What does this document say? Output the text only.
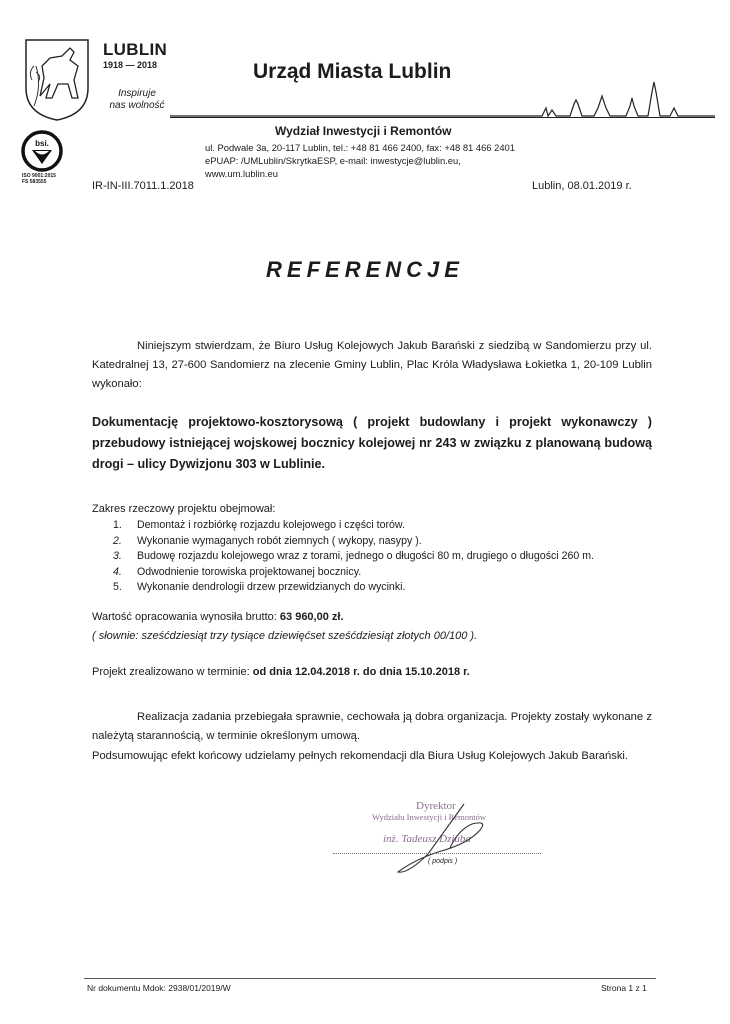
LUBLIN
1918 — 2018
Inspiruje
nas wolność
Urząd Miasta Lublin
Wydział Inwestycji i Remontów
ul. Podwale 3a, 20-117 Lublin, tel.: +48 81 466 2400, fax: +48 81 466 2401
ePUAP: /UMLublin/SkrytkaESP, e-mail: inwestycje@lublin.eu, www.um.lublin.eu
bsi.
ISO 9001:2015
FS 583555	IR-IN-III.7011.1.2018	Lublin, 08.01.2019 r.
REFERENCJE
Niniejszym stwierdzam, że Biuro Usług Kolejowych Jakub Barański z siedzibą w Sandomierzu przy ul. Katedralnej 13, 27-600 Sandomierz na zlecenie Gminy Lublin, Plac Króla Władysława Łokietka 1, 20-109 Lublin wykonało:
Dokumentację projektowo-kosztorysową ( projekt budowlany i projekt wykonawczy ) przebudowy istniejącej wojskowej bocznicy kolejowej nr 243 w związku z planowaną budową drogi – ulicy Dywizjonu 303 w Lublinie.
Zakres rzeczowy projektu obejmował:
1. Demontaż i rozbiórkę rozjazdu kolejowego i części torów.
2. Wykonanie wymaganych robót ziemnych ( wykopy, nasypy ).
3. Budowę rozjazdu kolejowego wraz z torami, jednego o długości 80 m, drugiego o długości 260 m.
4. Odwodnienie torowiska projektowanej bocznicy.
5. Wykonanie dendrologii drzew przewidzianych do wycinki.
Wartość opracowania wynosiła brutto: 63 960,00 zł.
( słownie: sześćdziesiąt trzy tysiące dziewięćset sześćdziesiąt złotych 00/100 ).
Projekt zrealizowano w terminie: od dnia 12.04.2018 r. do dnia 15.10.2018 r.
Realizacja zadania przebiegała sprawnie, cechowała ją dobra organizacja. Projekty zostały wykonane z należytą starannością, w terminie określonym umową.
Podsumowując efekt końcowy udzielamy pełnych rekomendacji dla Biura Usług Kolejowych Jakub Barański.
Dyrektor
Wydziału Inwestycji i Remontów
inż. Tadeusz Dziuba
( podpis )
Nr dokumentu Mdok: 2938/01/2019/W	Strona 1 z 1
